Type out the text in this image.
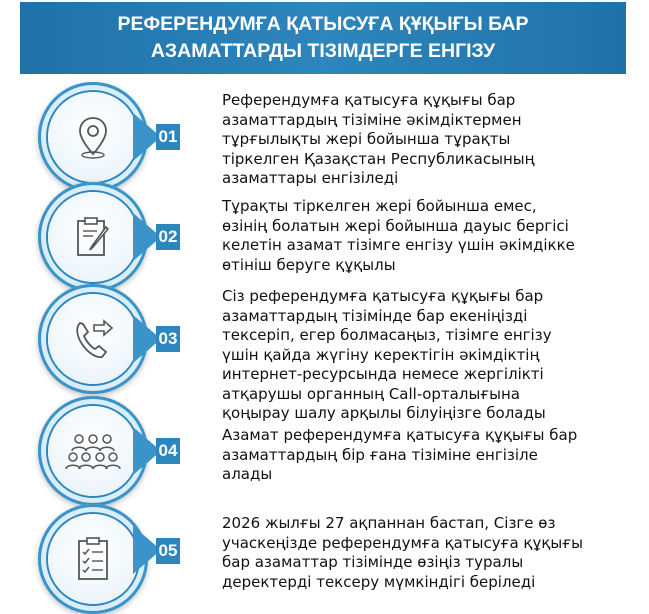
РЕФЕРЕНДУМҒА ҚАТЫСУҒА ҚҰҚЫҒЫ БАР
АЗАМАТТАРДЫ ТІЗІМДЕРГЕ ЕНГІЗУ
01
Референдумға қатысуға құқығы бар
азаматтардың тізіміне әкімдіктермен
тұрғылықты жері бойынша тұрақты
тіркелген Қазақстан Республикасының
азаматтары енгізіледі
02
Тұрақты тіркелген жері бойынша емес,
өзінің болатын жері бойынша дауыс бергісі
келетін азамат тізімге енгізу үшін әкімдікке
өтініш беруге құқылы
03
Сіз референдумға қатысуға құқығы бар
азаматтардың тізімінде бар екеніңізді
тексеріп, егер болмасаңыз, тізімге енгізу
үшін қайда жүгіну керектігін әкімдіктің
интернет-ресурсында немесе жергілікті
атқарушы органның Call-орталығына
қоңырау шалу арқылы білуіңізге болады
04
Азамат референдумға қатысуға құқығы бар
азаматтардың бір ғана тізіміне енгізіле
алады
05
2026 жылғы 27 ақпаннан бастап, Сізге өз
учаскеңізде референдумға қатысуға құқығы
бар азаматтар тізімінде өзіңіз туралы
деректерді тексеру мүмкіндігі беріледі
